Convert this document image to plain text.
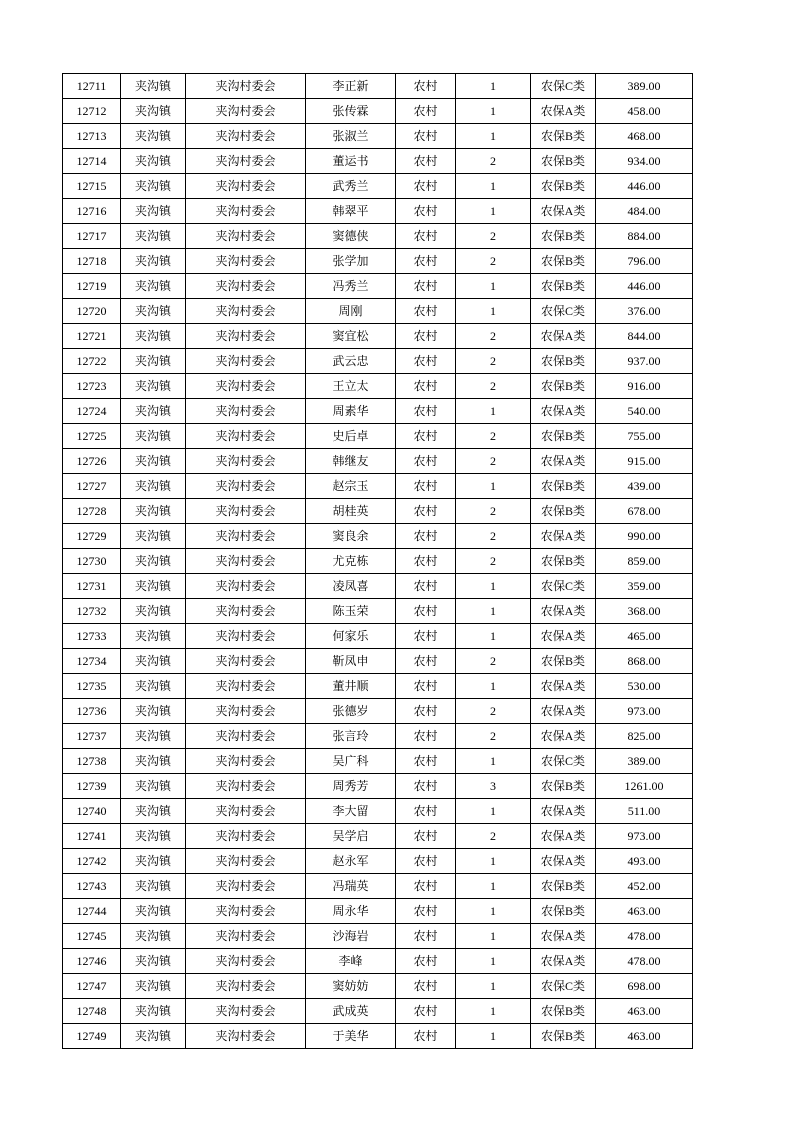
12711	夹沟镇	夹沟村委会	李正新	农村	1	农保C类	389.00
12712	夹沟镇	夹沟村委会	张传霖	农村	1	农保A类	458.00
12713	夹沟镇	夹沟村委会	张淑兰	农村	1	农保B类	468.00
12714	夹沟镇	夹沟村委会	董运书	农村	2	农保B类	934.00
12715	夹沟镇	夹沟村委会	武秀兰	农村	1	农保B类	446.00
12716	夹沟镇	夹沟村委会	韩翠平	农村	1	农保A类	484.00
12717	夹沟镇	夹沟村委会	窦德侠	农村	2	农保B类	884.00
12718	夹沟镇	夹沟村委会	张学加	农村	2	农保B类	796.00
12719	夹沟镇	夹沟村委会	冯秀兰	农村	1	农保B类	446.00
12720	夹沟镇	夹沟村委会	周刚	农村	1	农保C类	376.00
12721	夹沟镇	夹沟村委会	窦宜松	农村	2	农保A类	844.00
12722	夹沟镇	夹沟村委会	武云忠	农村	2	农保B类	937.00
12723	夹沟镇	夹沟村委会	王立太	农村	2	农保B类	916.00
12724	夹沟镇	夹沟村委会	周素华	农村	1	农保A类	540.00
12725	夹沟镇	夹沟村委会	史后卓	农村	2	农保B类	755.00
12726	夹沟镇	夹沟村委会	韩继友	农村	2	农保A类	915.00
12727	夹沟镇	夹沟村委会	赵宗玉	农村	1	农保B类	439.00
12728	夹沟镇	夹沟村委会	胡桂英	农村	2	农保B类	678.00
12729	夹沟镇	夹沟村委会	窦良余	农村	2	农保A类	990.00
12730	夹沟镇	夹沟村委会	尤克栋	农村	2	农保B类	859.00
12731	夹沟镇	夹沟村委会	凌凤喜	农村	1	农保C类	359.00
12732	夹沟镇	夹沟村委会	陈玉荣	农村	1	农保A类	368.00
12733	夹沟镇	夹沟村委会	何家乐	农村	1	农保A类	465.00
12734	夹沟镇	夹沟村委会	靳凤申	农村	2	农保B类	868.00
12735	夹沟镇	夹沟村委会	董井顺	农村	1	农保A类	530.00
12736	夹沟镇	夹沟村委会	张德岁	农村	2	农保A类	973.00
12737	夹沟镇	夹沟村委会	张言玲	农村	2	农保A类	825.00
12738	夹沟镇	夹沟村委会	吴广科	农村	1	农保C类	389.00
12739	夹沟镇	夹沟村委会	周秀芳	农村	3	农保B类	1261.00
12740	夹沟镇	夹沟村委会	李大留	农村	1	农保A类	511.00
12741	夹沟镇	夹沟村委会	吴学启	农村	2	农保A类	973.00
12742	夹沟镇	夹沟村委会	赵永军	农村	1	农保A类	493.00
12743	夹沟镇	夹沟村委会	冯瑞英	农村	1	农保B类	452.00
12744	夹沟镇	夹沟村委会	周永华	农村	1	农保B类	463.00
12745	夹沟镇	夹沟村委会	沙海岩	农村	1	农保A类	478.00
12746	夹沟镇	夹沟村委会	李峰	农村	1	农保A类	478.00
12747	夹沟镇	夹沟村委会	窦妨妨	农村	1	农保C类	698.00
12748	夹沟镇	夹沟村委会	武成英	农村	1	农保B类	463.00
12749	夹沟镇	夹沟村委会	于美华	农村	1	农保B类	463.00
